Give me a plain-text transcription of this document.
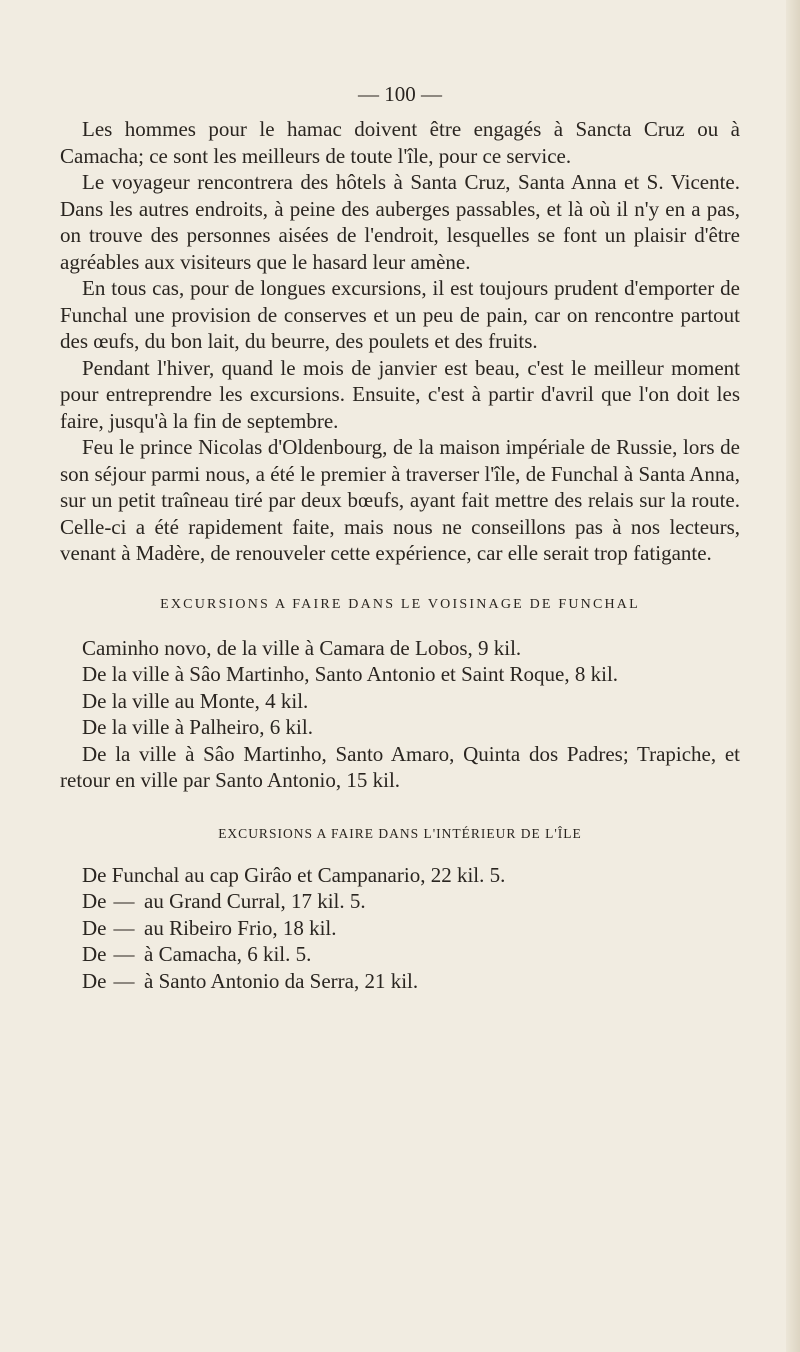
— 100 —

Les hommes pour le hamac doivent être engagés à Sancta Cruz ou à Camacha; ce sont les meilleurs de toute l'île, pour ce service.

Le voyageur rencontrera des hôtels à Santa Cruz, Santa Anna et S. Vicente. Dans les autres endroits, à peine des auberges passables, et là où il n'y en a pas, on trouve des personnes aisées de l'endroit, lesquelles se font un plaisir d'être agréables aux visiteurs que le hasard leur amène.

En tous cas, pour de longues excursions, il est toujours prudent d'emporter de Funchal une provision de conserves et un peu de pain, car on rencontre partout des œufs, du bon lait, du beurre, des poulets et des fruits.

Pendant l'hiver, quand le mois de janvier est beau, c'est le meilleur moment pour entreprendre les excursions. Ensuite, c'est à partir d'avril que l'on doit les faire, jusqu'à la fin de septembre.

Feu le prince Nicolas d'Oldenbourg, de la maison impériale de Russie, lors de son séjour parmi nous, a été le premier à traverser l'île, de Funchal à Santa Anna, sur un petit traîneau tiré par deux bœufs, ayant fait mettre des relais sur la route. Celle-ci a été rapidement faite, mais nous ne conseillons pas à nos lecteurs, venant à Madère, de renouveler cette expérience, car elle serait trop fatigante.

EXCURSIONS A FAIRE DANS LE VOISINAGE DE FUNCHAL
Caminho novo, de la ville à Camara de Lobos, 9 kil.
De la ville à Sâo Martinho, Santo Antonio et Saint Roque, 8 kil.
De la ville au Monte, 4 kil.
De la ville à Palheiro, 6 kil.
De la ville à Sâo Martinho, Santo Amaro, Quinta dos Padres; Trapiche, et retour en ville par Santo Antonio, 15 kil.
EXCURSIONS A FAIRE DANS L'INTÉRIEUR DE L'ÎLE
De Funchal au cap Girâo et Campanario, 22 kil. 5.
De — au Grand Curral, 17 kil. 5.
De — au Ribeiro Frio, 18 kil.
De — à Camacha, 6 kil. 5.
De — à Santo Antonio da Serra, 21 kil.
